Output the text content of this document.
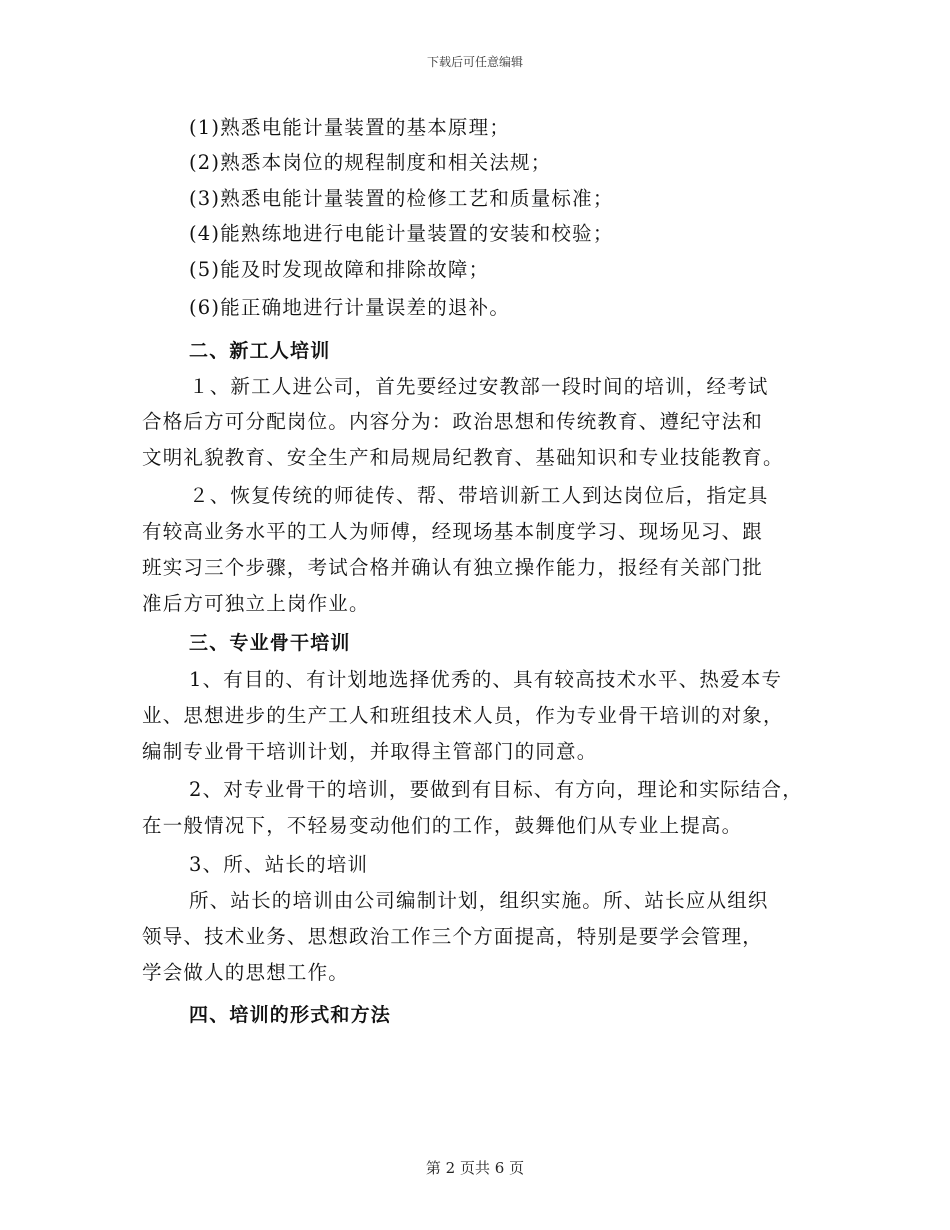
下载后可任意编辑
(1)熟悉电能计量装置的基本原理；
(2)熟悉本岗位的规程制度和相关法规；
(3)熟悉电能计量装置的检修工艺和质量标准；
(4)能熟练地进行电能计量装置的安装和校验；
(5)能及时发现故障和排除故障；
(6)能正确地进行计量误差的退补。
二、新工人培训
１、新工人进公司，首先要经过安教部一段时间的培训，经考试
合格后方可分配岗位。内容分为：政治思想和传统教育、遵纪守法和
文明礼貌教育、安全生产和局规局纪教育、基础知识和专业技能教育。
２、恢复传统的师徒传、帮、带培训新工人到达岗位后，指定具
有较高业务水平的工人为师傅，经现场基本制度学习、现场见习、跟
班实习三个步骤，考试合格并确认有独立操作能力，报经有关部门批
准后方可独立上岗作业。
三、专业骨干培训
1、有目的、有计划地选择优秀的、具有较高技术水平、热爱本专
业、思想进步的生产工人和班组技术人员，作为专业骨干培训的对象，
编制专业骨干培训计划，并取得主管部门的同意。
2、对专业骨干的培训，要做到有目标、有方向，理论和实际结合，
在一般情况下，不轻易变动他们的工作，鼓舞他们从专业上提高。
3、所、站长的培训
所、站长的培训由公司编制计划，组织实施。所、站长应从组织
领导、技术业务、思想政治工作三个方面提高，特别是要学会管理，
学会做人的思想工作。
四、培训的形式和方法
第 2 页共 6 页
